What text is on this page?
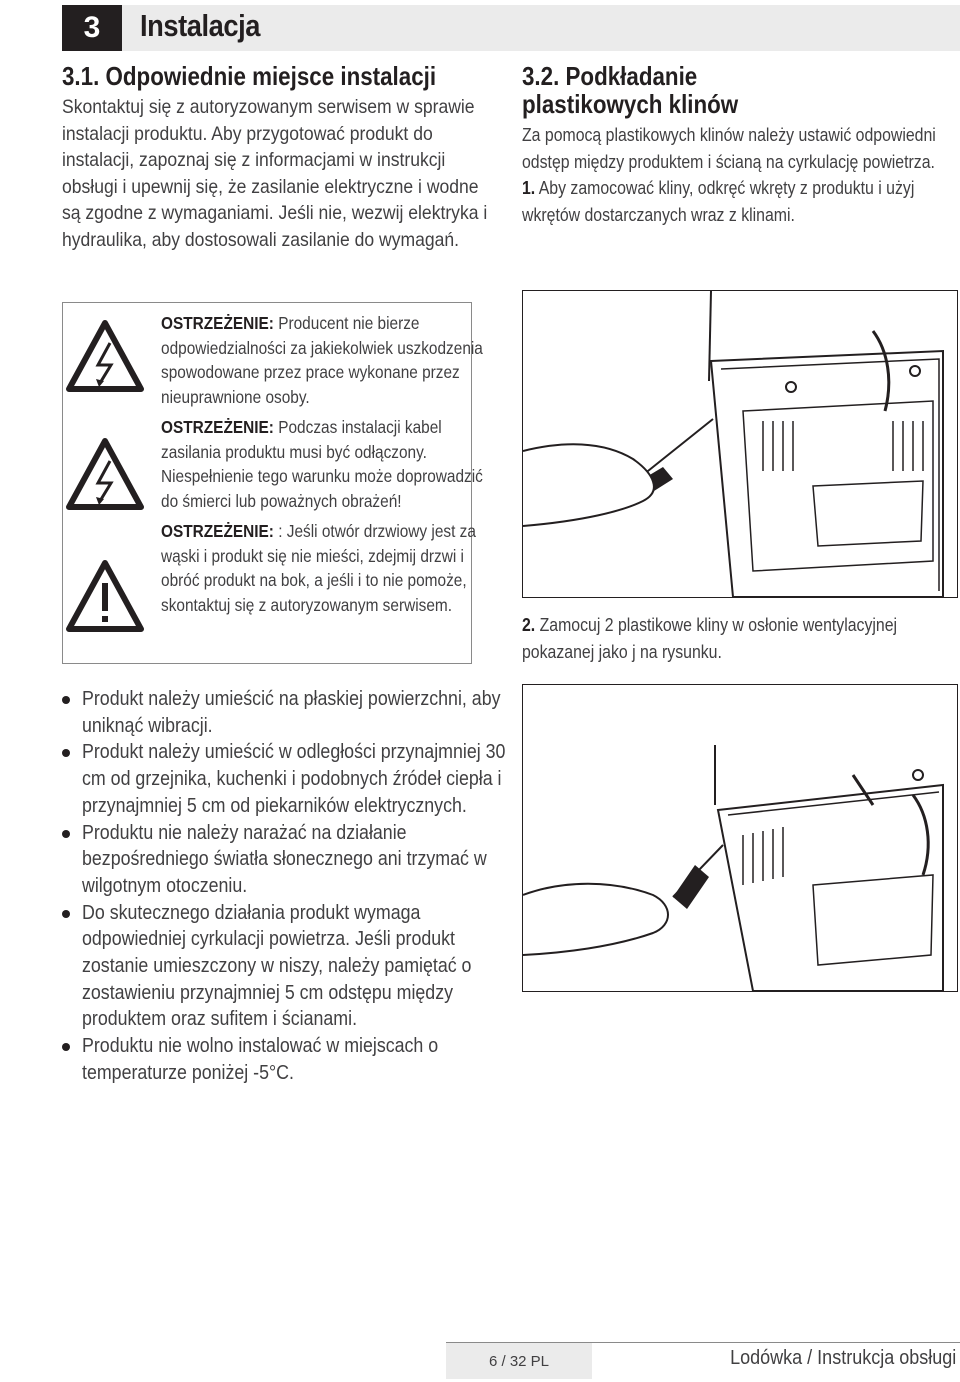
3	Instalacja
3.1. Odpowiednie miejsce instalacji

Skontaktuj się z autoryzowanym serwisem w sprawie instalacji produktu. Aby przygotować produkt do instalacji, zapoznaj się z informacjami w instrukcji obsługi i upewnij się, że zasilanie elektryczne i wodne są zgodne z wymaganiami. Jeśli nie, wezwij elektryka i hydraulika, aby dostosowali zasilanie do wymagań.

OSTRZEŻENIE: Producent nie bierze odpowiedzialności za jakiekolwiek uszkodzenia spowodowane przez prace wykonane przez nieuprawnione osoby.
OSTRZEŻENIE: Podczas instalacji kabel zasilania produktu musi być odłączony. Niespełnienie tego warunku może doprowadzić do śmierci lub poważnych obrażeń!
OSTRZEŻENIE: : Jeśli otwór drzwiowy jest za wąski i produkt się nie mieści, zdejmij drzwi i obróć produkt na bok, a jeśli i to nie pomoże, skontaktuj się z autoryzowanym serwisem.
Produkt należy umieścić na płaskiej powierzchni, aby uniknąć wibracji.
Produkt należy umieścić w odległości przynajmniej 30 cm od grzejnika, kuchenki i podobnych źródeł ciepła i przynajmniej 5 cm od piekarników elektrycznych.
Produktu nie należy narażać na działanie bezpośredniego światła słonecznego ani trzymać w wilgotnym otoczeniu.
Do skutecznego działania produkt wymaga odpowiedniej cyrkulacji powietrza. Jeśli produkt zostanie umieszczony w niszy, należy pamiętać o zostawieniu przynajmniej 5 cm odstępu między produktem oraz sufitem i ścianami.
Produktu nie wolno instalować w miejscach o temperaturze poniżej -5°C.
3.2. Podkładanie
plastikowych klinów
Za pomocą plastikowych klinów należy ustawić odpowiedni odstęp między produktem i ścianą na cyrkulację powietrza.
1. Aby zamocować kliny, odkręć wkręty z produktu i użyj wkrętów dostarczanych wraz z klinami.
2. Zamocuj 2 plastikowe kliny w osłonie wentylacyjnej pokazanej jako j na rysunku.
6 / 32 PL	Lodówka / Instrukcja obsługi
